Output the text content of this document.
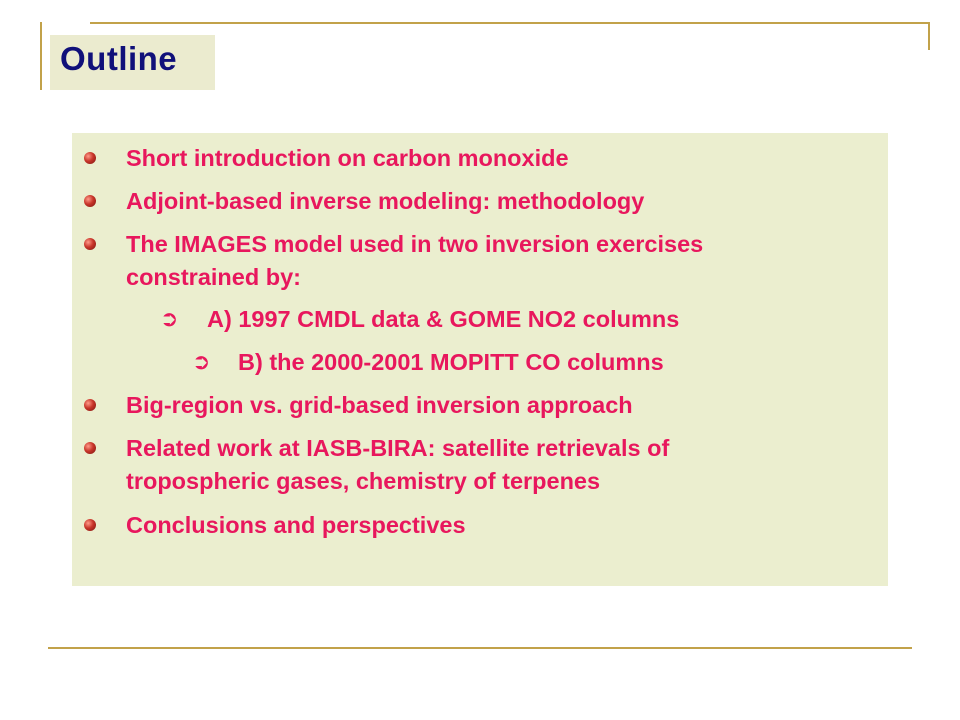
Outline
Short introduction on carbon monoxide
Adjoint-based inverse modeling: methodology
The IMAGES model used in two inversion exercises
constrained by:
➲ A) 1997 CMDL data & GOME NO2 columns
➲ B) the 2000-2001 MOPITT CO columns
Big-region vs. grid-based inversion approach
Related work at IASB-BIRA: satellite retrievals of
tropospheric gases, chemistry of terpenes
Conclusions and perspectives
